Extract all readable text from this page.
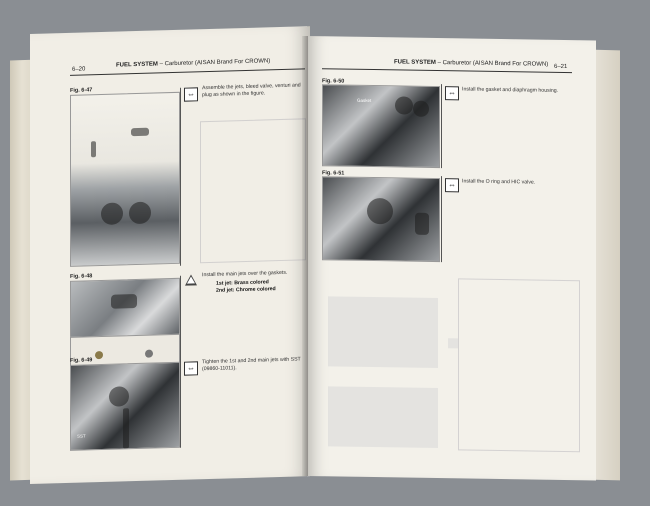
6–20
FUEL SYSTEM – Carburetor (AISAN Brand For CROWN)
Fig. 6-47	⇔
Assemble the jets, bleed valve, venturi and plug as shown in the figure.
Fig. 6-48	Install the main jets over the gaskets.
1st jet: Brass colored
2nd jet: Chrome colored
Fig. 6-49
SST
⇔
Tighten the 1st and 2nd main jets with SST (09860-11011).
FUEL SYSTEM – Carburetor (AISAN Brand For CROWN) 6–21
Fig. 6-50
Gasket
⇔	Install the gasket and diaphragm housing.
Fig. 6-51
⇔	Install the O ring and HIC valve.
